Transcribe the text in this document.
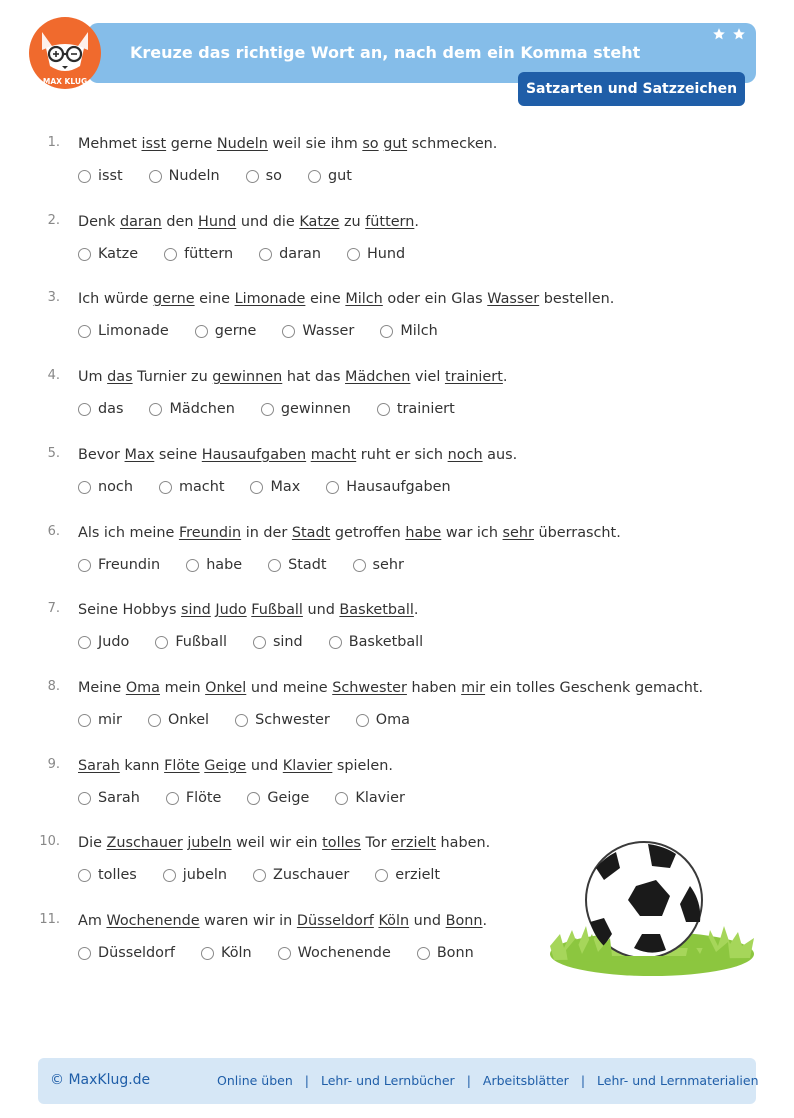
Kreuze das richtige Wort an, nach dem ein Komma steht
MAX KLUG	Satzarten und Satzzeichen
1. Mehmet isst gerne Nudeln weil sie ihm so gut schmecken.
isst	Nudeln	so	gut
2. Denk daran den Hund und die Katze zu füttern.
Katze	füttern	daran	Hund
3. Ich würde gerne eine Limonade eine Milch oder ein Glas Wasser bestellen.
Limonade	gerne	Wasser	Milch
4. Um das Turnier zu gewinnen hat das Mädchen viel trainiert.
das	Mädchen	gewinnen	trainiert
5. Bevor Max seine Hausaufgaben macht ruht er sich noch aus.
noch	macht	Max	Hausaufgaben
6. Als ich meine Freundin in der Stadt getroffen habe war ich sehr überrascht.
Freundin	habe	Stadt	sehr
7. Seine Hobbys sind Judo Fußball und Basketball.
Judo	Fußball	sind	Basketball
8. Meine Oma mein Onkel und meine Schwester haben mir ein tolles Geschenk gemacht.
mir	Onkel	Schwester	Oma
9. Sarah kann Flöte Geige und Klavier spielen.
Sarah	Flöte	Geige	Klavier
10. Die Zuschauer jubeln weil wir ein tolles Tor erzielt haben.
tolles	jubeln	Zuschauer	erzielt
11. Am Wochenende waren wir in Düsseldorf Köln und Bonn.
Düsseldorf	Köln	Wochenende	Bonn
© MaxKlug.de	Online üben | Lehr- und Lernbücher | Arbeitsblätter | Lehr- und Lernmaterialien
